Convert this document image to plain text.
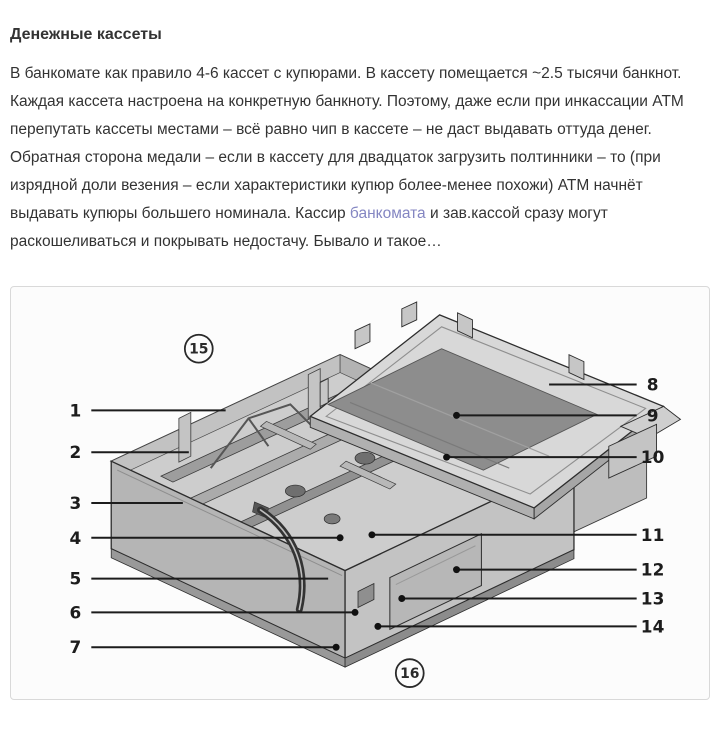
Денежные кассеты

В банкомате как правило 4-6 кассет с купюрами. В кассету помещается ~2.5 тысячи банкнот. Каждая кассета настроена на конкретную банкноту. Поэтому, даже если при инкассации ATM перепутать кассеты местами – всё равно чип в кассете – не даст выдавать оттуда денег. Обратная сторона медали – если в кассету для двадцаток загрузить полтинники – то (при изрядной доли везения – если характеристики купюр более-менее похожи) ATM начнёт выдавать купюры большего номинала. Кассир банкомата и зав.кассой сразу могут раскошеливаться и покрывать недостачу. Бывало и такое…

1
2
3
4
5
6
7
8
9
10
11
12
13
14
15
16
